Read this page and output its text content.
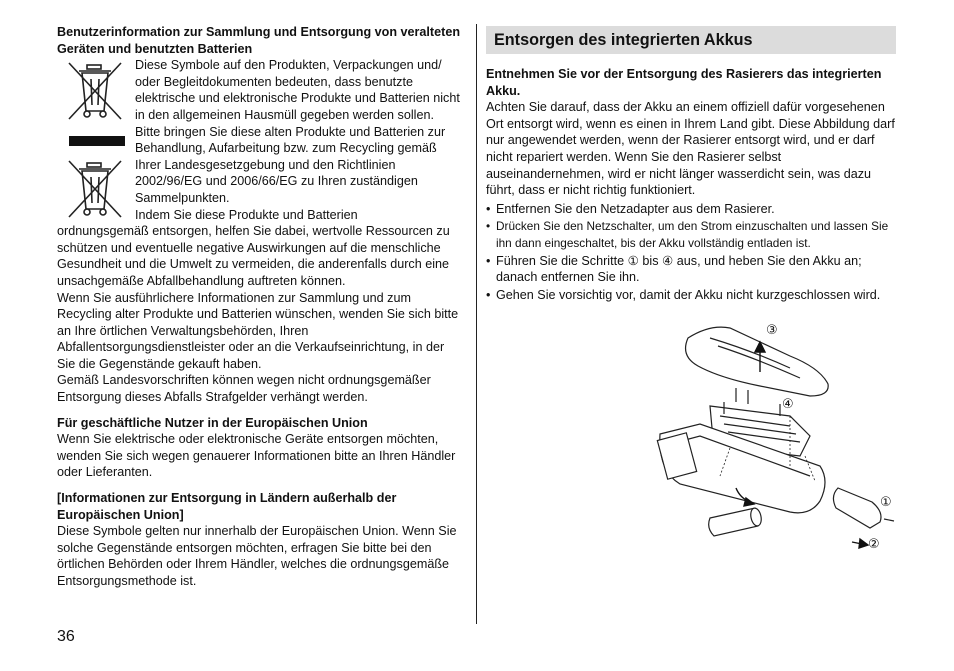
Benutzerinformation zur Sammlung und Entsorgung von veralteten Geräten und benutzten Batterien

Diese Symbole auf den Produkten, Verpackungen und/ oder Begleitdokumenten bedeuten, dass benutzte elektrische und elektronische Produkte und Batterien nicht in den allgemeinen Hausmüll gegeben werden sollen.

Bitte bringen Sie diese alten Produkte und Batterien zur Behandlung, Aufarbeitung bzw. zum Recycling gemäß Ihrer Landesgesetzgebung und den Richtlinien 2002/96/EG und 2006/66/EG zu Ihren zuständigen Sammelpunkten.

Indem Sie diese Produkte und Batterien

ordnungsgemäß entsorgen, helfen Sie dabei, wertvolle Ressourcen zu schützen und eventuelle negative Auswirkungen auf die menschliche Gesundheit und die Umwelt zu vermeiden, die anderenfalls durch eine unsachgemäße Abfallbehandlung auftreten können.

Wenn Sie ausführlichere Informationen zur Sammlung und zum Recycling alter Produkte und Batterien wünschen, wenden Sie sich bitte an Ihre örtlichen Verwaltungsbehörden, Ihren Abfallentsorgungsdienstleister oder an die Verkaufseinrichtung, in der Sie die Gegenstände gekauft haben.

Gemäß Landesvorschriften können wegen nicht ordnungsgemäßer Entsorgung dieses Abfalls Strafgelder verhängt werden.

Für geschäftliche Nutzer in der Europäischen Union

Wenn Sie elektrische oder elektronische Geräte entsorgen möchten, wenden Sie sich wegen genauerer Informationen bitte an Ihren Händler oder Lieferanten.

[Informationen zur Entsorgung in Ländern außerhalb der Europäischen Union]

Diese Symbole gelten nur innerhalb der Europäischen Union. Wenn Sie solche Gegenstände entsorgen möchten, erfragen Sie bitte bei den örtlichen Behörden oder Ihrem Händler, welches die ordnungsgemäße Entsorgungsmethode ist.

Entsorgen des integrierten Akkus

Entnehmen Sie vor der Entsorgung des Rasierers das integrierten Akku.

Achten Sie darauf, dass der Akku an einem offiziell dafür vorgesehenen Ort entsorgt wird, wenn es einen in Ihrem Land gibt. Diese Abbildung darf nur angewendet werden, wenn der Rasierer entsorgt wird, und er darf nicht repariert werden. Wenn Sie den Rasierer selbst auseinandernehmen, wird er nicht länger wasserdicht sein, was dazu führt, dass er nicht richtig funktioniert.

• Entfernen Sie den Netzadapter aus dem Rasierer.
• Drücken Sie den Netzschalter, um den Strom einzuschalten und lassen Sie ihn dann eingeschaltet, bis der Akku vollständig entladen ist.
• Führen Sie die Schritte ① bis ④ aus, und heben Sie den Akku an; danach entfernen Sie ihn.
• Gehen Sie vorsichtig vor, damit der Akku nicht kurzgeschlossen wird.
③
④
①
②
36
